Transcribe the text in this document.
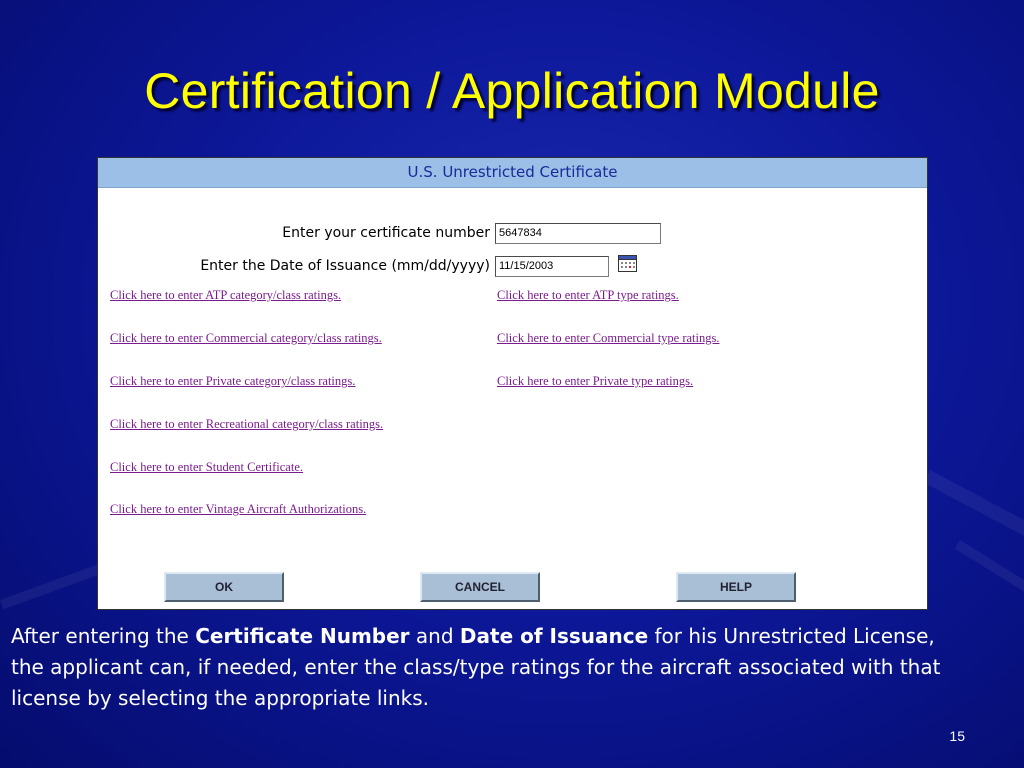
Certification / Application Module
U.S. Unrestricted Certificate
Enter your certificate number 5647834
Enter the Date of Issuance (mm/dd/yyyy) 11/15/2003
Click here to enter ATP category/class ratings.	Click here to enter ATP type ratings.
Click here to enter Commercial category/class ratings.	Click here to enter Commercial type ratings.
Click here to enter Private category/class ratings.	Click here to enter Private type ratings.
Click here to enter Recreational category/class ratings.
Click here to enter Student Certificate.
Click here to enter Vintage Aircraft Authorizations.
OK	CANCEL	HELP
After entering the Certificate Number and Date of Issuance for his Unrestricted License, the applicant can, if needed, enter the class/type ratings for the aircraft associated with that license by selecting the appropriate links.
15
